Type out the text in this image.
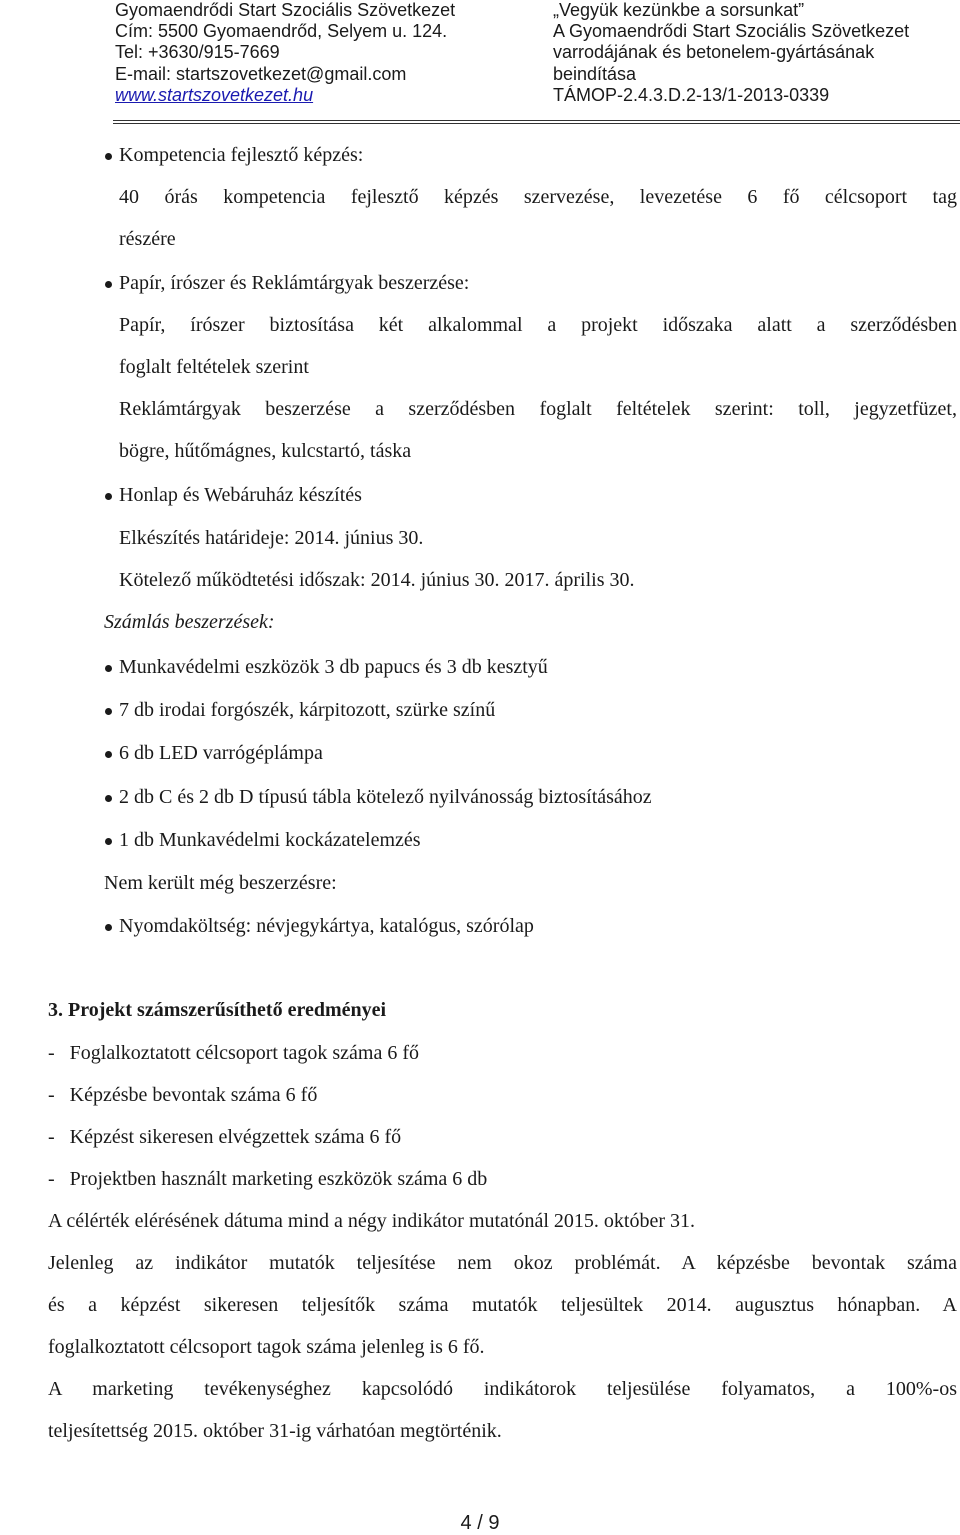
Gyomaendrődi Start Szociális Szövetkezet
Cím: 5500 Gyomaendrőd, Selyem u. 124.
Tel: +3630/915-7669
E-mail: startszovetkezet@gmail.com
www.startszovetkezet.hu
„Vegyük kezünkbe a sorsunkat”
A Gyomaendrődi Start Szociális Szövetkezet
varrodájának és betonelem-gyártásának
beindítása
TÁMOP-2.4.3.D.2-13/1-2013-0339
Kompetencia fejlesztő képzés:
40 órás kompetencia fejlesztő képzés szervezése, levezetése 6 fő célcsoport tag
részére
Papír, írószer és Reklámtárgyak beszerzése:
Papír, írószer biztosítása két alkalommal a projekt időszaka alatt a szerződésben
foglalt feltételek szerint
Reklámtárgyak beszerzése a szerződésben foglalt feltételek szerint: toll, jegyzetfüzet,
bögre, hűtőmágnes, kulcstartó, táska
Honlap és Webáruház készítés
Elkészítés határideje: 2014. június 30.
Kötelező működtetési időszak: 2014. június 30. 2017. április 30.
Számlás beszerzések:
Munkavédelmi eszközök 3 db papucs és 3 db kesztyű
7 db irodai forgószék, kárpitozott, szürke színű
6 db LED varrógéplámpa
2 db C és 2 db D típusú tábla kötelező nyilvánosság biztosításához
1 db Munkavédelmi kockázatelemzés
Nem került még beszerzésre:
Nyomdaköltség: névjegykártya, katalógus, szórólap
3. Projekt számszerűsíthető eredményei
-   Foglalkoztatott célcsoport tagok száma 6 fő
-   Képzésbe bevontak száma 6 fő
-   Képzést sikeresen elvégzettek száma 6 fő
-   Projektben használt marketing eszközök száma 6 db
A célérték elérésének dátuma mind a négy indikátor mutatónál 2015. október 31.
Jelenleg az indikátor mutatók teljesítése nem okoz problémát. A képzésbe bevontak száma
és a képzést sikeresen teljesítők száma mutatók teljesültek 2014. augusztus hónapban. A
foglalkoztatott célcsoport tagok száma jelenleg is 6 fő.
A marketing tevékenységhez kapcsolódó indikátorok teljesülése folyamatos, a 100%-os
teljesítettség 2015. október 31-ig várhatóan megtörténik.
4 / 9
